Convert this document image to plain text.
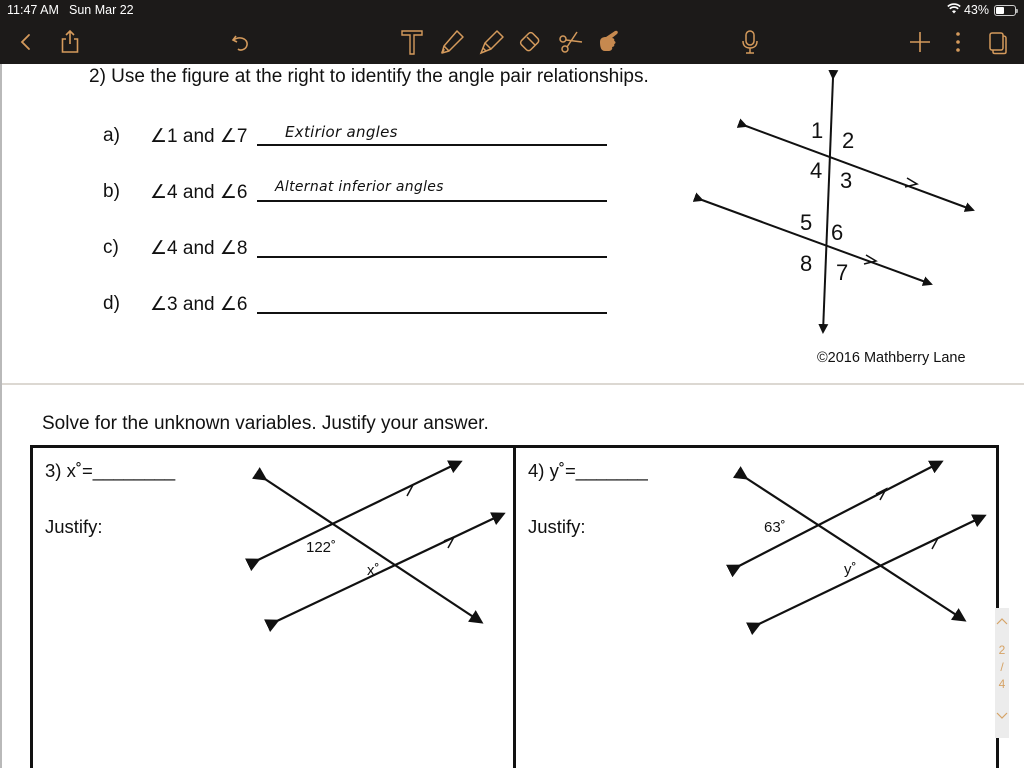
11:47 AM Sun Mar 22	43%
2) Use the figure at the right to identify the angle pair relationships.
a) ∠1 and ∠7	Extirior angles
b) ∠4 and ∠6 Alternat inferior angles
c) ∠4 and ∠8
d) ∠3 and ∠6
1 2
3
4
5 6
7
8
©2016 Mathberry Lane
Solve for the unknown variables. Justify your answer.
3) x˚=________
Justify:
122˚
x˚
4) y˚=_______
Justify:	63˚
y˚
2
/
4
